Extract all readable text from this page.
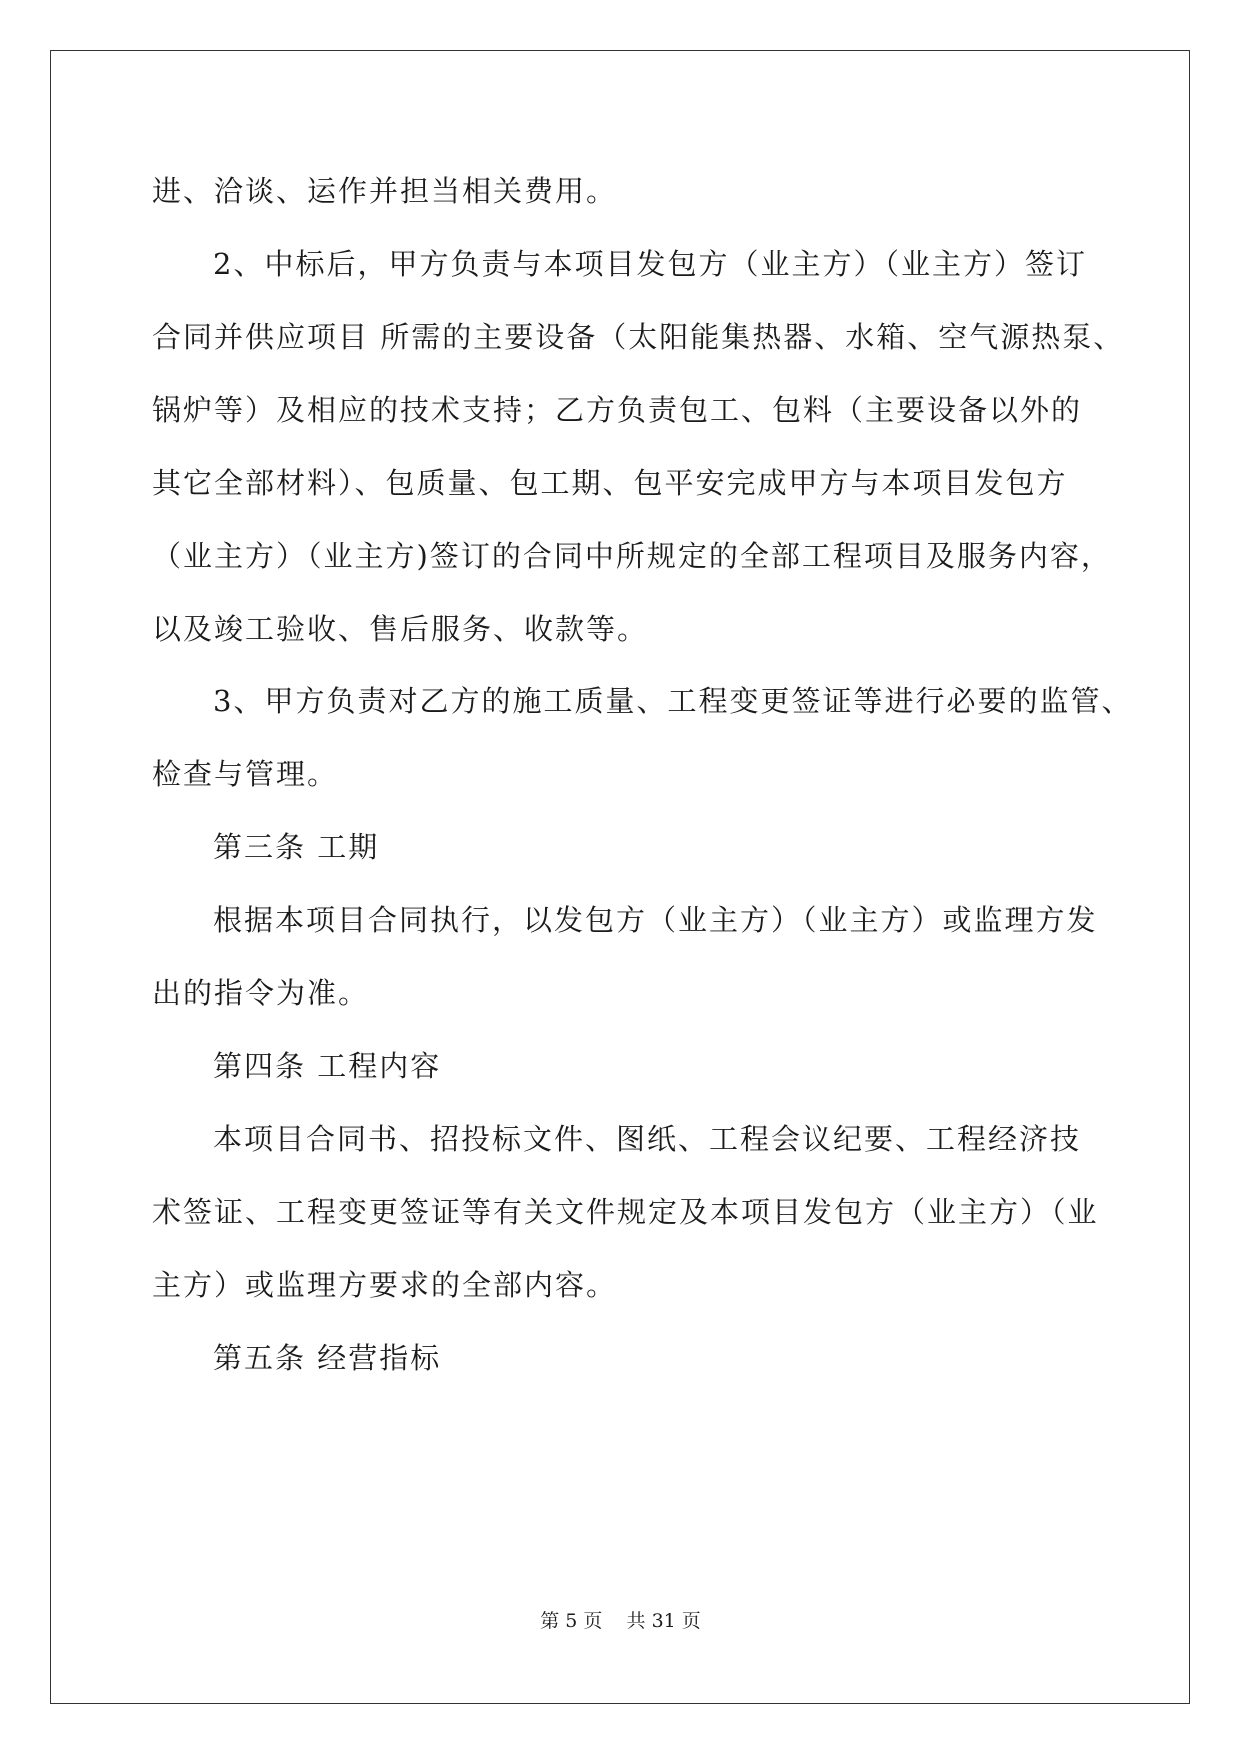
进、洽谈、运作并担当相关费用。
2、中标后，甲方负责与本项目发包方（业主方）（业主方）签订
合同并供应项目 所需的主要设备（太阳能集热器、水箱、空气源热泵、
锅炉等）及相应的技术支持；乙方负责包工、包料（主要设备以外的
其它全部材料）、包质量、包工期、包平安完成甲方与本项目发包方
（业主方）（业主方)签订的合同中所规定的全部工程项目及服务内容，
以及竣工验收、售后服务、收款等。
3、甲方负责对乙方的施工质量、工程变更签证等进行必要的监管、
检查与管理。
第三条 工期
根据本项目合同执行，以发包方（业主方）（业主方）或监理方发
出的指令为准。
第四条 工程内容
本项目合同书、招投标文件、图纸、工程会议纪要、工程经济技
术签证、工程变更签证等有关文件规定及本项目发包方（业主方）（业
主方）或监理方要求的全部内容。
第五条 经营指标
第 5 页    共 31 页
